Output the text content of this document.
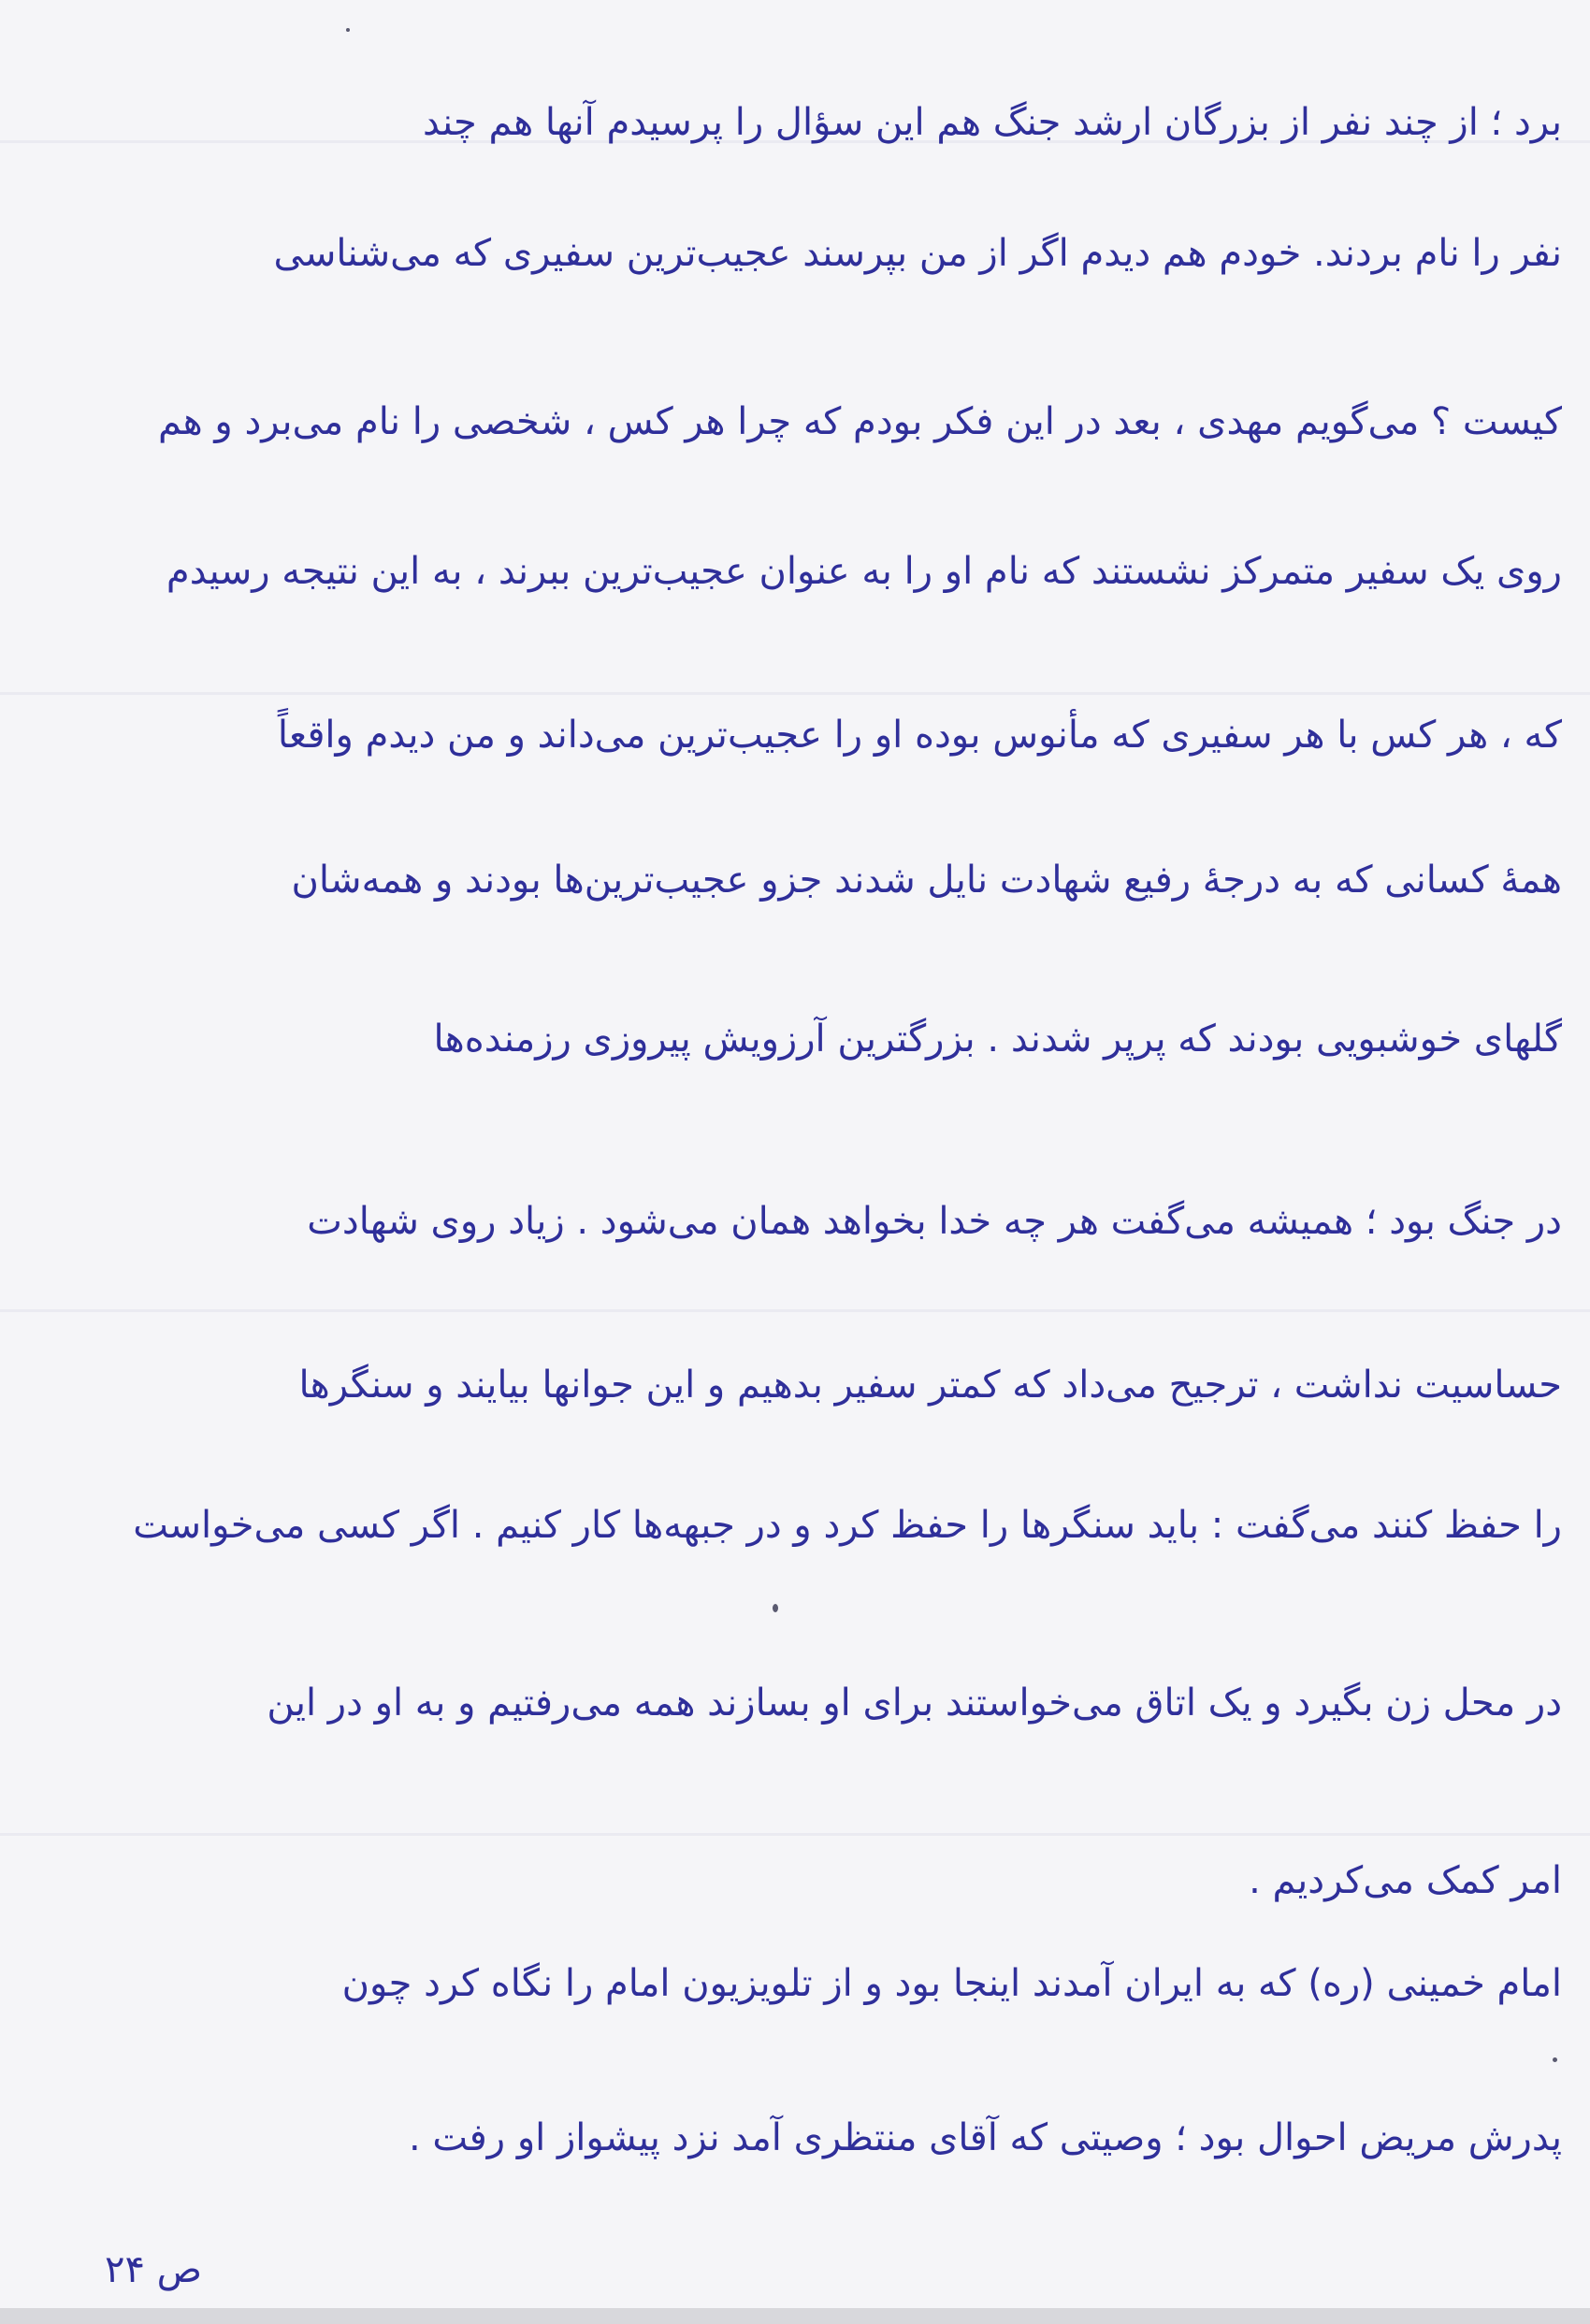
برد ؛ از چند نفر از بزرگان ارشد جنگ هم این سؤال را پرسیدم آنها هم چند
نفر را نام بردند. خودم هم دیدم اگر از من بپرسند عجیب‌ترین سفیری که می‌شناسی
کیست ؟ می‌گویم مهدی ، بعد در این فکر بودم که چرا هر کس ، شخصی را نام می‌برد و هم
روی یک سفیر متمرکز نشستند که نام او را به عنوان عجیب‌ترین ببرند ، به این نتیجه رسیدم
که ، هر کس با هر سفیری که مأنوس بوده او را عجیب‌ترین می‌داند و من دیدم واقعاً
همهٔ کسانی که به درجهٔ رفیع شهادت نایل شدند جزو عجیب‌ترین‌ها بودند و همه‌شان
گلهای خوشبویی بودند که پرپر شدند . بزرگترین آرزویش پیروزی رزمنده‌ها
در جنگ بود ؛ همیشه می‌گفت هر چه خدا بخواهد همان می‌شود . زیاد روی شهادت
حساسیت نداشت ، ترجیح می‌داد که کمتر سفیر بدهیم و این جوانها بیایند و سنگرها
را حفظ کنند می‌گفت : باید سنگرها را حفظ کرد و در جبهه‌ها کار کنیم . اگر کسی می‌خواست
در محل زن بگیرد و یک اتاق می‌خواستند برای او بسازند همه می‌رفتیم و به او در این
امر کمک می‌کردیم .
امام خمینی (ره) که به ایران آمدند اینجا بود و از تلویزیون امام را نگاه کرد چون
پدرش مریض احوال بود ؛ وصیتی که آقای منتظری آمد نزد پیشواز او رفت .
ص ۲۴
